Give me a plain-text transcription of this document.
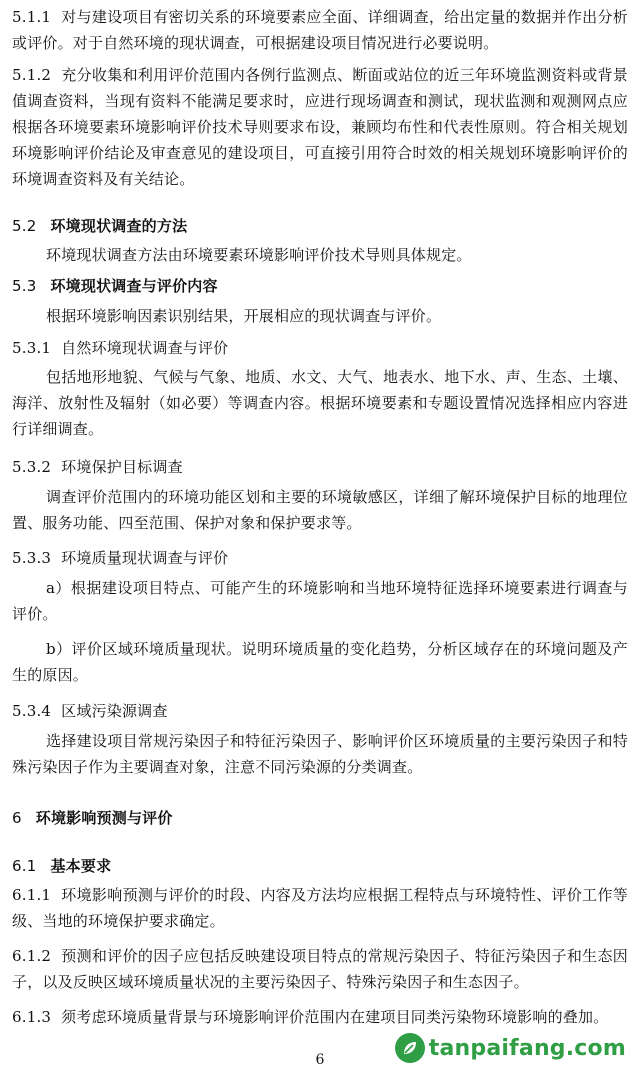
5.1.1 对与建设项目有密切关系的环境要素应全面、详细调查，给出定量的数据并作出分析或评价。对于自然环境的现状调查，可根据建设项目情况进行必要说明。

5.1.2 充分收集和利用评价范围内各例行监测点、断面或站位的近三年环境监测资料或背景值调查资料，当现有资料不能满足要求时，应进行现场调查和测试，现状监测和观测网点应根据各环境要素环境影响评价技术导则要求布设，兼顾均布性和代表性原则。符合相关规划环境影响评价结论及审查意见的建设项目，可直接引用符合时效的相关规划环境影响评价的环境调查资料及有关结论。

5.2 环境现状调查的方法

环境现状调查方法由环境要素环境影响评价技术导则具体规定。

5.3 环境现状调查与评价内容

根据环境影响因素识别结果，开展相应的现状调查与评价。

5.3.1 自然环境现状调查与评价

包括地形地貌、气候与气象、地质、水文、大气、地表水、地下水、声、生态、土壤、海洋、放射性及辐射（如必要）等调查内容。根据环境要素和专题设置情况选择相应内容进行详细调查。

5.3.2 环境保护目标调查

调查评价范围内的环境功能区划和主要的环境敏感区，详细了解环境保护目标的地理位置、服务功能、四至范围、保护对象和保护要求等。

5.3.3 环境质量现状调查与评价

a）根据建设项目特点、可能产生的环境影响和当地环境特征选择环境要素进行调查与评价。

b）评价区域环境质量现状。说明环境质量的变化趋势，分析区域存在的环境问题及产生的原因。

5.3.4 区域污染源调查

选择建设项目常规污染因子和特征污染因子、影响评价区环境质量的主要污染因子和特殊污染因子作为主要调查对象，注意不同污染源的分类调查。

6 环境影响预测与评价

6.1 基本要求

6.1.1 环境影响预测与评价的时段、内容及方法均应根据工程特点与环境特性、评价工作等级、当地的环境保护要求确定。

6.1.2 预测和评价的因子应包括反映建设项目特点的常规污染因子、特征污染因子和生态因子，以及反映区域环境质量状况的主要污染因子、特殊污染因子和生态因子。

6.1.3 须考虑环境质量背景与环境影响评价范围内在建项目同类污染物环境影响的叠加。

6	tanpaifang.com
